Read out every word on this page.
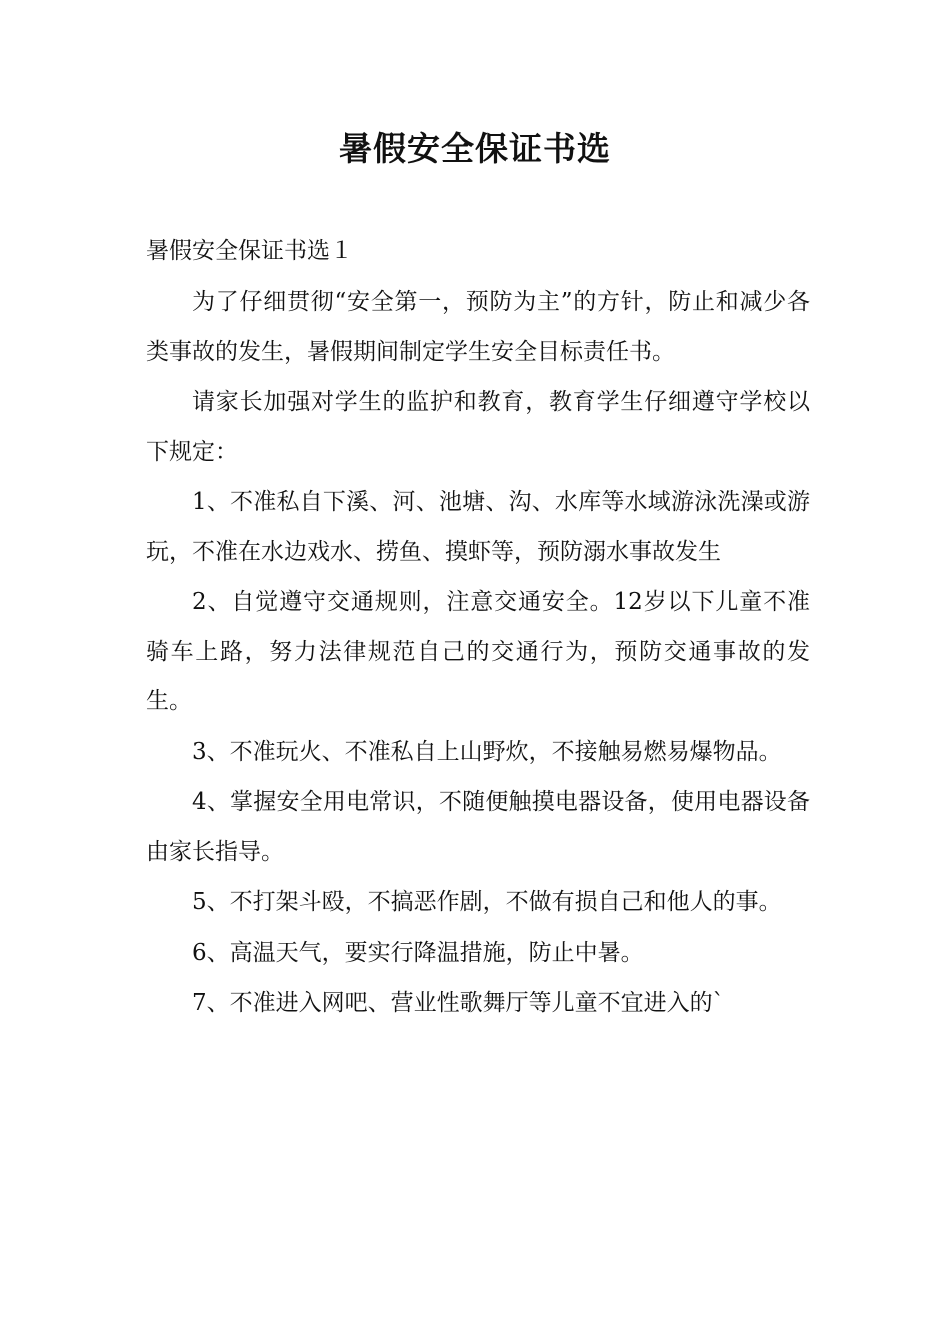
暑假安全保证书选

暑假安全保证书选１

为了仔细贯彻“安全第一，预防为主”的方针，防止和减少各类事故的发生，暑假期间制定学生安全目标责任书。

请家长加强对学生的监护和教育，教育学生仔细遵守学校以下规定：

1、不准私自下溪、河、池塘、沟、水库等水域游泳洗澡或游玩，不准在水边戏水、捞鱼、摸虾等，预防溺水事故发生

2、自觉遵守交通规则，注意交通安全。12岁以下儿童不准骑车上路，努力法律规范自己的交通行为，预防交通事故的发生。

3、不准玩火、不准私自上山野炊，不接触易燃易爆物品。

4、掌握安全用电常识，不随便触摸电器设备，使用电器设备由家长指导。

5、不打架斗殴，不搞恶作剧，不做有损自己和他人的事。

6、高温天气，要实行降温措施，防止中暑。

7、不准进入网吧、营业性歌舞厅等儿童不宜进入的`
